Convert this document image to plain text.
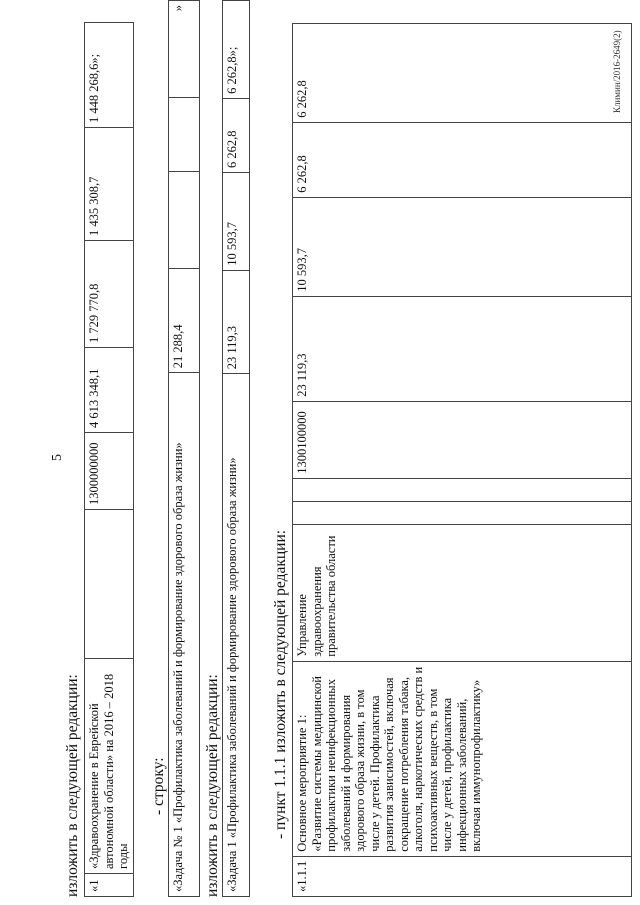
5
изложить в следующей редакции: «1	«Здравоохранение в Еврейской автономной области» на 2016 – 2018 годы		1300000000	4 613 348,1	1 729 770,8	1 435 308,7	1 448 268,6»;
- строку: «Задача № 1 «Профилактика заболеваний и формирование здорового образа жизни»	21 288,4			»
изложить в следующей редакции: «Задача 1 «Профилактика заболеваний и формирование здорового образа жизни»	23 119,3	10 593,7	6 262,8	6 262,8»;
- пункт 1.1.1 изложить в следующей редакции:
«1.1.1	Основное мероприятие 1: «Развитие системы медицинской профилактики неинфекционных заболеваний и формирования здорового образа жизни, в том числе у детей. Профилактика развития зависимостей, включая сокращение потребления табака, алкоголя, наркотических средств и психоактивных веществ, в том числе у детей, профилактика инфекционных заболеваний, включая иммунопрофилактику»	Управление здравоохранения правительства области			1300100000	23 119,3	10 593,7	6 262,8	6 262,8	Климин/2016-2649(2)
